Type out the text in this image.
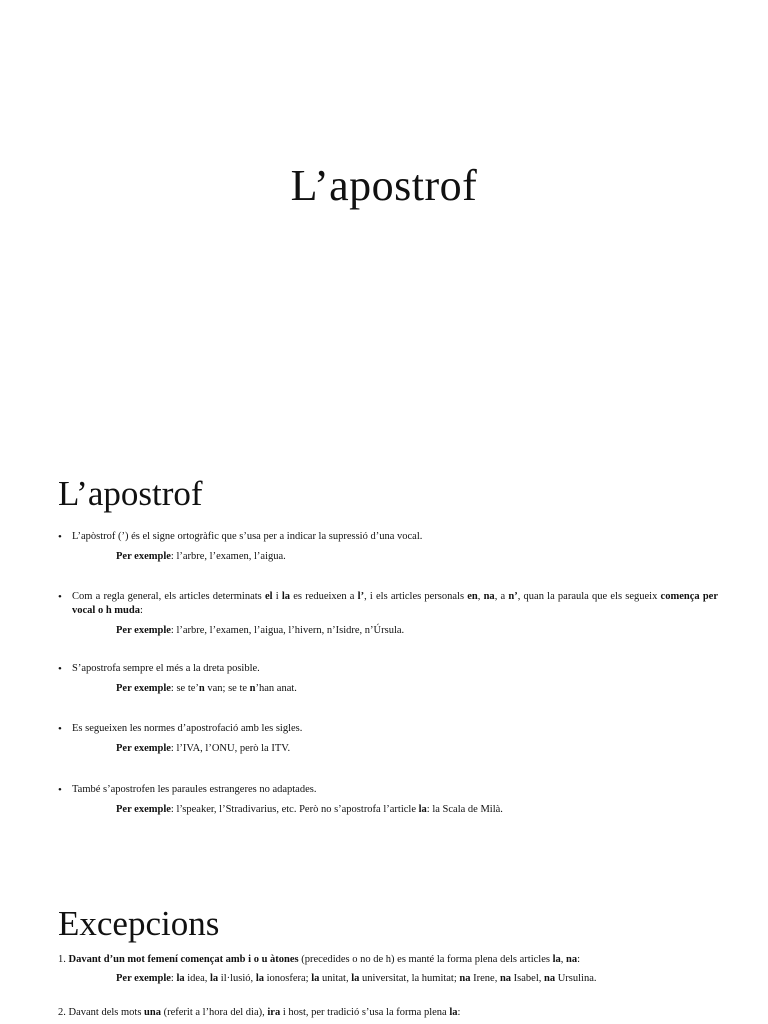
L’apostrof
L’apostrof
• L’apòstrof (’) és el signe ortogràfic que s’usa per a indicar la supressió d’una vocal.
Per exemple: l’arbre, l’examen, l’aigua.
• Com a regla general, els articles determinats el i la es redueixen a l’, i els articles personals en, na, a n’, quan la paraula que els segueix comença per vocal o h muda:
Per exemple: l’arbre, l’examen, l’aigua, l’hivern, n’Isidre, n’Úrsula.
• S’apostrofa sempre el més a la dreta posible.
Per exemple: se te’n van; se te n’han anat.
• Es segueixen les normes d’apostrofació amb les sigles.
Per exemple: l’IVA, l’ONU, però la ITV.
• També s’apostrofen les paraules estrangeres no adaptades.
Per exemple: l’speaker, l’Stradivarius, etc. Però no s’apostrofa l’article la: la Scala de Milà.
Excepcions
1. Davant d’un mot femení començat amb i o u àtones (precedides o no de h) es manté la forma plena dels articles la, na:
Per exemple: la idea, la il·lusió, la ionosfera; la unitat, la universitat, la humitat; na Irene, na Isabel, na Ursulina.
2. Davant dels mots una (referit a l’hora del dia), ira i host, per tradició s’usa la forma plena la:
